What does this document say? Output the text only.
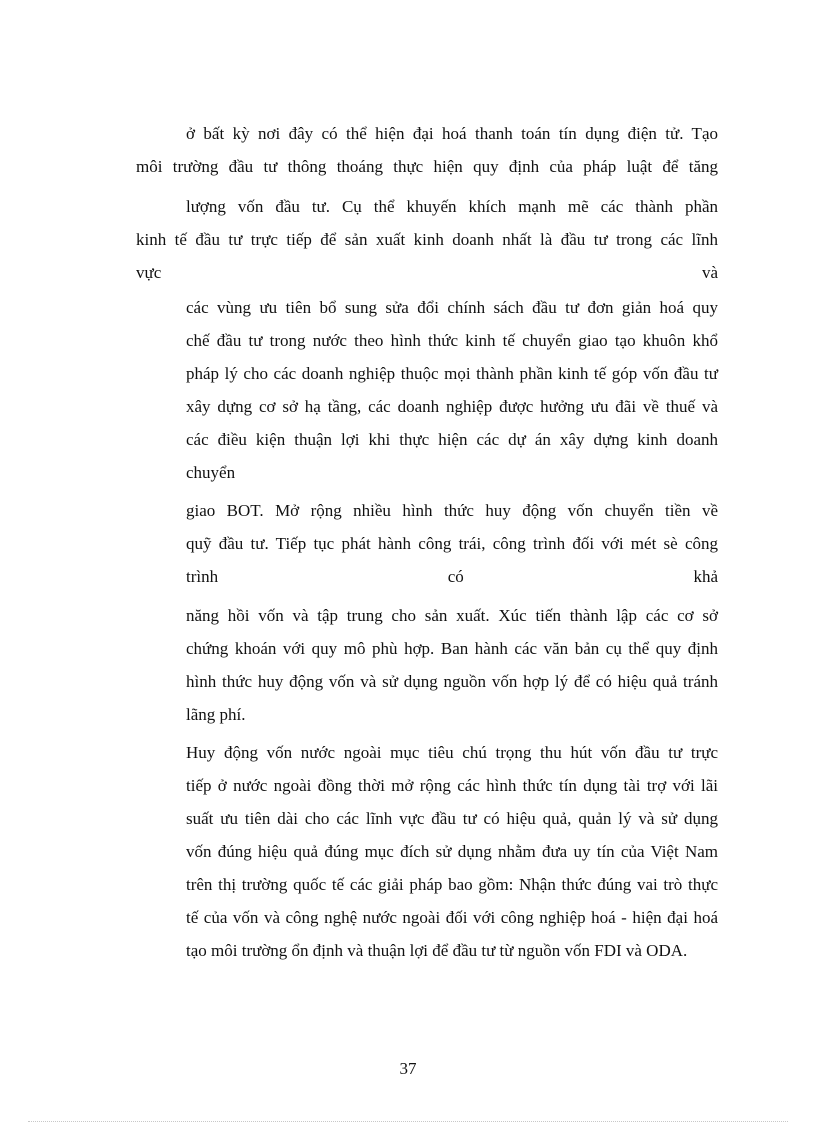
ở bất kỳ nơi đây có thể hiện đại hoá thanh toán tín dụng điện tử. Tạo
môi trường đầu tư thông thoáng thực hiện quy định của pháp luật để tăng
lượng vốn đầu tư. Cụ thể khuyến khích mạnh mẽ các thành phần
kinh tế đầu tư trực tiếp để sản xuất kinh doanh nhất là đầu tư trong các lĩnh
vực và
các vùng ưu tiên bổ sung sửa đổi chính sách đầu tư đơn giản hoá quy
chế đầu tư trong nước theo hình thức kinh tế chuyển giao tạo khuôn khổ
pháp lý cho các doanh nghiệp thuộc mọi thành phần kinh tế góp vốn đầu tư
xây dựng cơ sở hạ tầng, các doanh nghiệp được hưởng ưu đãi về thuế và
các điều kiện thuận lợi khi thực hiện các dự án xây dựng kinh doanh
chuyển
giao BOT. Mở rộng nhiều hình thức huy động vốn chuyển tiền về
quỹ đầu tư. Tiếp tục phát hành công trái, công trình đối với mét sè công
trình có khả
năng hồi vốn và tập trung cho sản xuất. Xúc tiến thành lập các cơ sở
chứng khoán với quy mô phù hợp. Ban hành các văn bản cụ thể quy định
hình thức huy động vốn và sử dụng nguồn vốn hợp lý để có hiệu quả tránh
lãng phí.
Huy động vốn nước ngoài mục tiêu chú trọng thu hút vốn đầu tư trực
tiếp ở nước ngoài đồng thời mở rộng các hình thức tín dụng tài trợ với lãi
suất ưu tiên dài cho các lĩnh vực đầu tư có hiệu quả, quản lý và sử dụng
vốn đúng hiệu quả đúng mục đích sử dụng nhằm đưa uy tín của Việt Nam
trên thị trường quốc tế các giải pháp bao gồm: Nhận thức đúng vai trò thực
tế của vốn và công nghệ nước ngoài đối với công nghiệp hoá - hiện đại hoá
tạo môi trường ổn định và thuận lợi để đầu tư từ nguồn vốn FDI và ODA.
37
